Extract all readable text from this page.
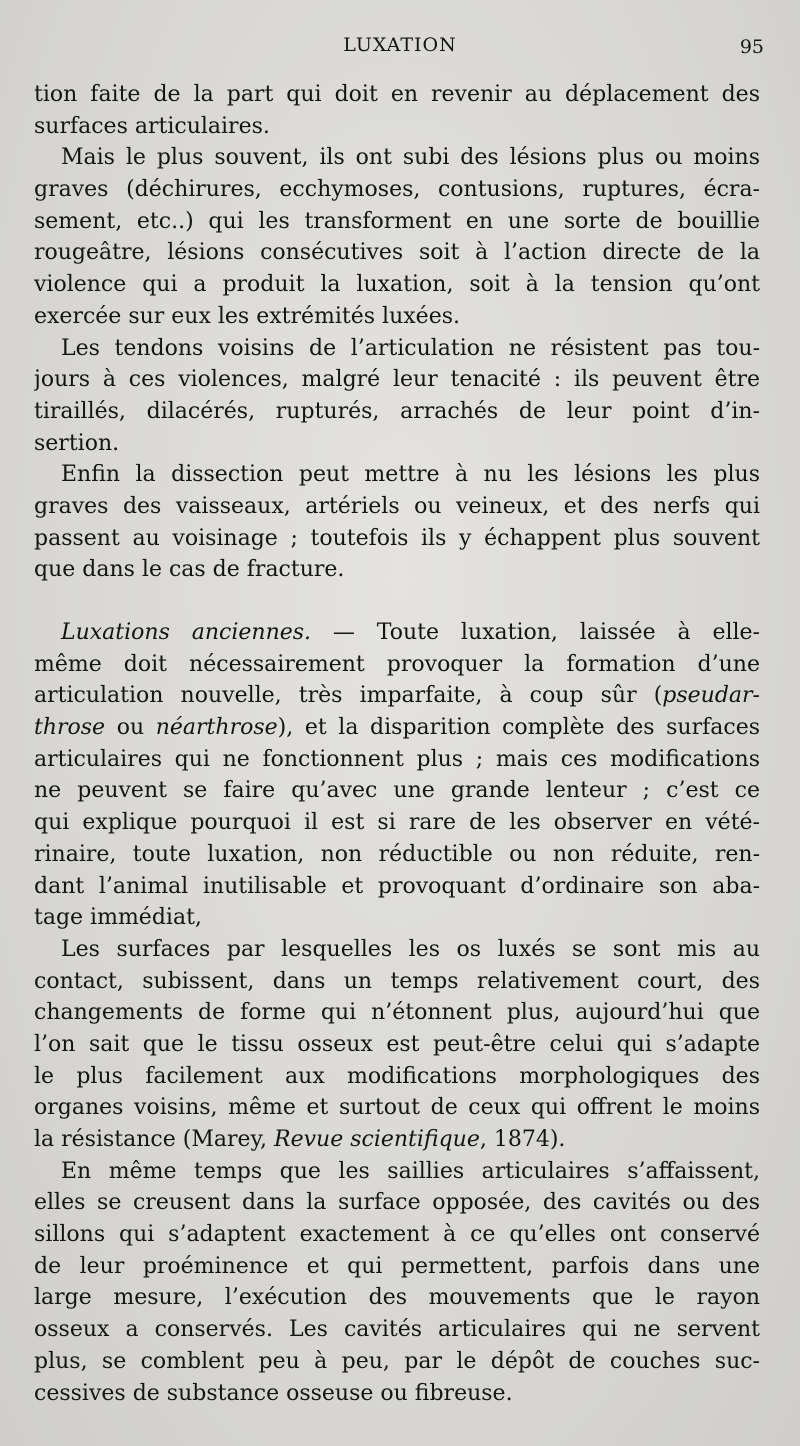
LUXATION	95
tion faite de la part qui doit en revenir au déplacement des
surfaces articulaires.
Mais le plus souvent, ils ont subi des lésions plus ou moins
graves (déchirures, ecchymoses, contusions, ruptures, écra-
sement, etc..) qui les transforment en une sorte de bouillie
rougeâtre, lésions consécutives soit à l’action directe de la
violence qui a produit la luxation, soit à la tension qu’ont
exercée sur eux les extrémités luxées.
Les tendons voisins de l’articulation ne résistent pas tou-
jours à ces violences, malgré leur tenacité : ils peuvent être
tiraillés, dilacérés, rupturés, arrachés de leur point d’in-
sertion.
Enfin la dissection peut mettre à nu les lésions les plus
graves des vaisseaux, artériels ou veineux, et des nerfs qui
passent au voisinage ; toutefois ils y échappent plus souvent
que dans le cas de fracture.
Luxations anciennes. — Toute luxation, laissée à elle-
même doit nécessairement provoquer la formation d’une
articulation nouvelle, très imparfaite, à coup sûr (pseudar-
throse ou néarthrose), et la disparition complète des surfaces
articulaires qui ne fonctionnent plus ; mais ces modifications
ne peuvent se faire qu’avec une grande lenteur ; c’est ce
qui explique pourquoi il est si rare de les observer en vété-
rinaire, toute luxation, non réductible ou non réduite, ren-
dant l’animal inutilisable et provoquant d’ordinaire son aba-
tage immédiat,
Les surfaces par lesquelles les os luxés se sont mis au
contact, subissent, dans un temps relativement court, des
changements de forme qui n’étonnent plus, aujourd’hui que
l’on sait que le tissu osseux est peut-être celui qui s’adapte
le plus facilement aux modifications morphologiques des
organes voisins, même et surtout de ceux qui offrent le moins
la résistance (Marey, Revue scientifique, 1874).
En même temps que les saillies articulaires s’affaissent,
elles se creusent dans la surface opposée, des cavités ou des
sillons qui s’adaptent exactement à ce qu’elles ont conservé
de leur proéminence et qui permettent, parfois dans une
large mesure, l’exécution des mouvements que le rayon
osseux a conservés. Les cavités articulaires qui ne servent
plus, se comblent peu à peu, par le dépôt de couches suc-
cessives de substance osseuse ou fibreuse.
